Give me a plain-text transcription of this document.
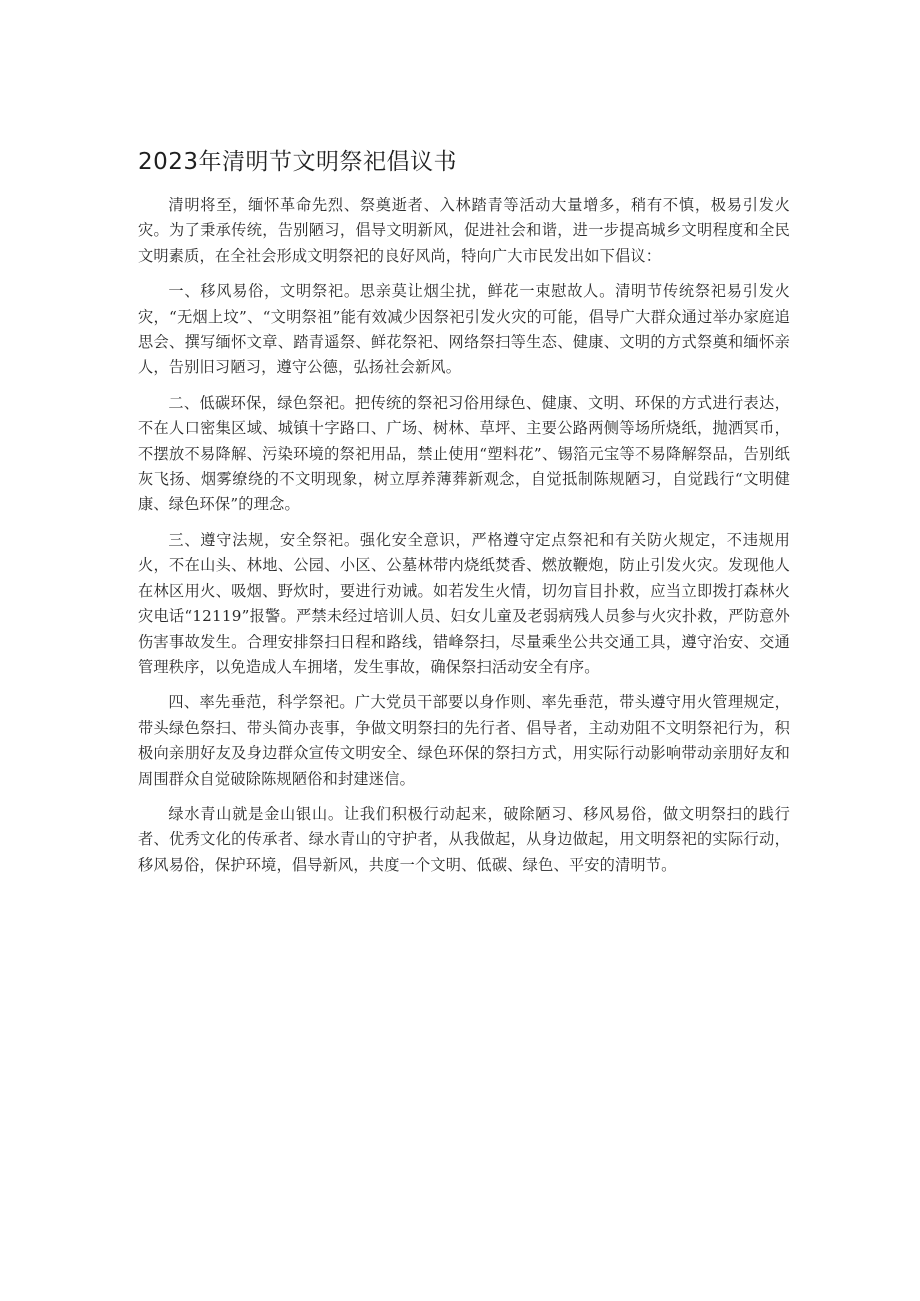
2023年清明节文明祭祀倡议书

清明将至，缅怀革命先烈、祭奠逝者、入林踏青等活动大量增多，稍有不慎，极易引发火灾。为了秉承传统，告别陋习，倡导文明新风，促进社会和谐，进一步提高城乡文明程度和全民文明素质，在全社会形成文明祭祀的良好风尚，特向广大市民发出如下倡议：

一、移风易俗，文明祭祀。思亲莫让烟尘扰，鲜花一束慰故人。清明节传统祭祀易引发火灾，“无烟上坟”、“文明祭祖”能有效减少因祭祀引发火灾的可能，倡导广大群众通过举办家庭追思会、撰写缅怀文章、踏青遥祭、鲜花祭祀、网络祭扫等生态、健康、文明的方式祭奠和缅怀亲人，告别旧习陋习，遵守公德，弘扬社会新风。

二、低碳环保，绿色祭祀。把传统的祭祀习俗用绿色、健康、文明、环保的方式进行表达，不在人口密集区域、城镇十字路口、广场、树林、草坪、主要公路两侧等场所烧纸，抛洒冥币，不摆放不易降解、污染环境的祭祀用品，禁止使用“塑料花”、锡箔元宝等不易降解祭品，告别纸灰飞扬、烟雾缭绕的不文明现象，树立厚养薄葬新观念，自觉抵制陈规陋习，自觉践行“文明健康、绿色环保”的理念。

三、遵守法规，安全祭祀。强化安全意识，严格遵守定点祭祀和有关防火规定，不违规用火，不在山头、林地、公园、小区、公墓林带内烧纸焚香、燃放鞭炮，防止引发火灾。发现他人在林区用火、吸烟、野炊时，要进行劝诫。如若发生火情，切勿盲目扑救，应当立即拨打森林火灾电话“12119”报警。严禁未经过培训人员、妇女儿童及老弱病残人员参与火灾扑救，严防意外伤害事故发生。合理安排祭扫日程和路线，错峰祭扫，尽量乘坐公共交通工具，遵守治安、交通管理秩序，以免造成人车拥堵，发生事故，确保祭扫活动安全有序。

四、率先垂范，科学祭祀。广大党员干部要以身作则、率先垂范，带头遵守用火管理规定，带头绿色祭扫、带头简办丧事，争做文明祭扫的先行者、倡导者，主动劝阻不文明祭祀行为，积极向亲朋好友及身边群众宣传文明安全、绿色环保的祭扫方式，用实际行动影响带动亲朋好友和周围群众自觉破除陈规陋俗和封建迷信。

绿水青山就是金山银山。让我们积极行动起来，破除陋习、移风易俗，做文明祭扫的践行者、优秀文化的传承者、绿水青山的守护者，从我做起，从身边做起，用文明祭祀的实际行动，移风易俗，保护环境，倡导新风，共度一个文明、低碳、绿色、平安的清明节。
